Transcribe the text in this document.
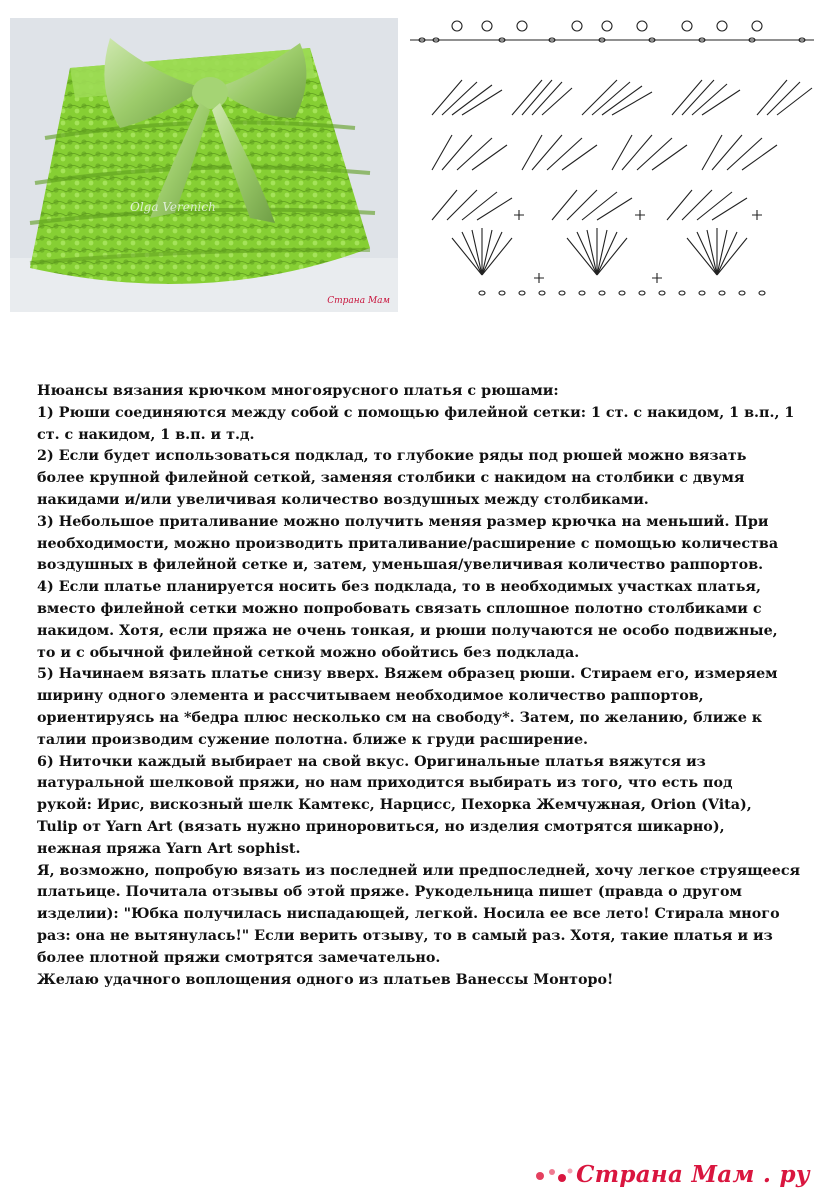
Olga Verenich
Страна Мам

Нюансы вязания крючком многоярусного платья с рюшами:

1) Рюши соединяются между собой с помощью филейной сетки: 1 ст. с накидом, 1 в.п., 1
ст. с накидом, 1 в.п. и т.д.

2) Если будет использоваться подклад, то глубокие ряды под рюшей можно вязать
более крупной филейной сеткой, заменяя столбики с накидом на столбики с двумя
накидами и/или увеличивая количество воздушных между столбиками.

3) Небольшое приталивание можно получить меняя размер крючка на меньший. При
необходимости, можно производить приталивание/расширение с помощью количества
воздушных в филейной сетке и, затем, уменьшая/увеличивая количество раппортов.

4) Если платье планируется носить без подклада, то в необходимых участках платья,
вместо филейной сетки можно попробовать связать сплошное полотно столбиками с
накидом. Хотя, если пряжа не очень тонкая, и рюши получаются не особо подвижные,
то и с обычной филейной сеткой можно обойтись без подклада.

5) Начинаем вязать платье снизу вверх. Вяжем образец рюши. Стираем его, измеряем
ширину одного элемента и рассчитываем необходимое количество раппортов,
ориентируясь на *бедра плюс несколько см на свободу*. Затем, по желанию, ближе к
талии производим сужение полотна. ближе к груди расширение.

6) Ниточки каждый выбирает на свой вкус. Оригинальные платья вяжутся из
натуральной шелковой пряжи, но нам приходится выбирать из того, что есть под
рукой: Ирис, вискозный шелк Камтекс, Нарцисс, Пехорка Жемчужная, Orion (Vita),
Tulip от Yarn Art (вязать нужно приноровиться, но изделия смотрятся шикарно),
нежная пряжа Yarn Art sophist.

Я, возможно, попробую вязать из последней или предпоследней, хочу легкое струящееся
платьице. Почитала отзывы об этой пряже. Рукодельница пишет (правда о другом
изделии): "Юбка получилась ниспадающей, легкой. Носила ее все лето! Стирала много
раз: она не вытянулась!" Если верить отзыву, то в самый раз. Хотя, такие платья и из
более плотной пряжи смотрятся замечательно.

Желаю удачного воплощения одного из платьев Ванессы Монторо!

Страна Мам . ру
